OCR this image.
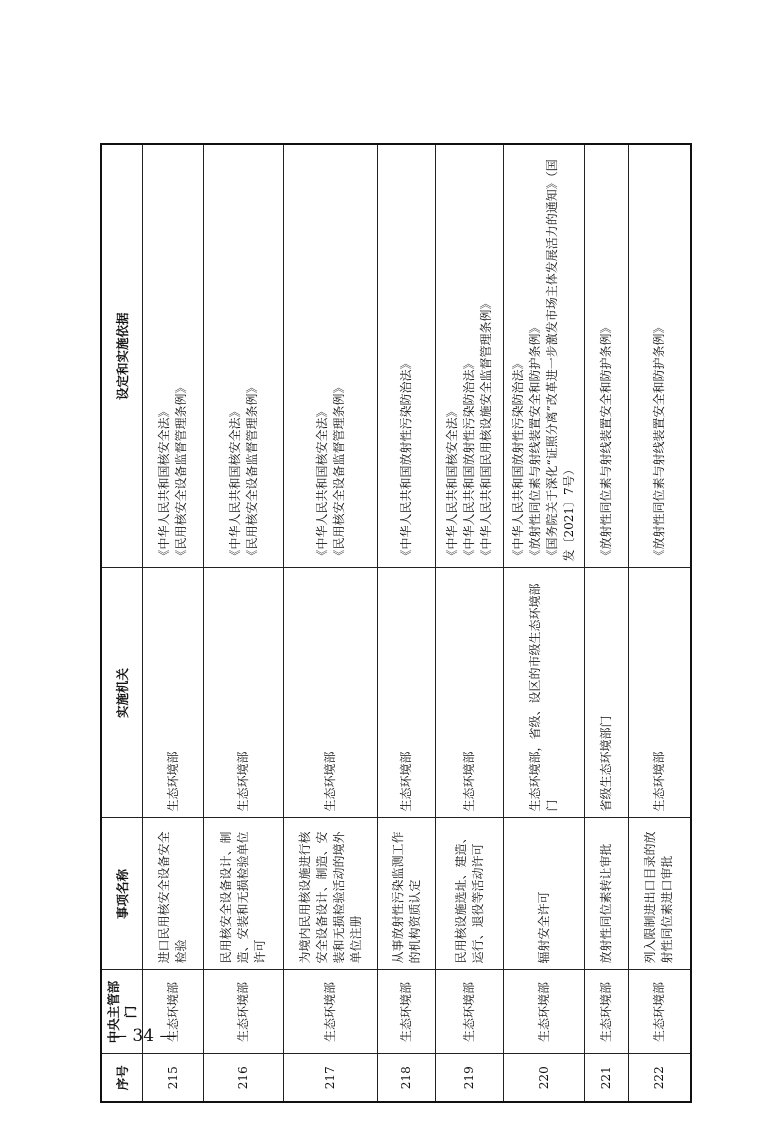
— 34 —
序号	中央主管部门	事项名称	实施机关	设定和实施依据
215	生态环境部	进口民用核安全设备安全检验	生态环境部	《中华人民共和国核安全法》 《民用核安全设备监督管理条例》

216	生态环境部	民用核安全设备设计、制造、安装和无损检验单位许可	生态环境部	《中华人民共和国核安全法》 《民用核安全设备监督管理条例》

217	生态环境部	为境内民用核设施进行核安全设备设计、制造、安装和无损检验活动的境外单位注册	生态环境部	《中华人民共和国核安全法》 《民用核安全设备监督管理条例》

218	生态环境部	从事放射性污染监测工作的机构资质认定	生态环境部	《中华人民共和国放射性污染防治法》

219	生态环境部	民用核设施选址、建造、运行、退役等活动许可	生态环境部	《中华人民共和国核安全法》 《中华人民共和国放射性污染防治法》 《中华人民共和国民用核设施安全监督管理条例》

220	生态环境部	辐射安全许可	生态环境部，省级、设区的市级生态环境部门	《中华人民共和国放射性污染防治法》 《放射性同位素与射线装置安全和防护条例》 《国务院关于深化“证照分离”改革进一步激发市场主体发展活力的通知》（国发〔2021〕7号）

221	生态环境部	放射性同位素转让审批	省级生态环境部门	《放射性同位素与射线装置安全和防护条例》

222	生态环境部	列入限制进出口目录的放射性同位素进口审批	生态环境部	《放射性同位素与射线装置安全和防护条例》
